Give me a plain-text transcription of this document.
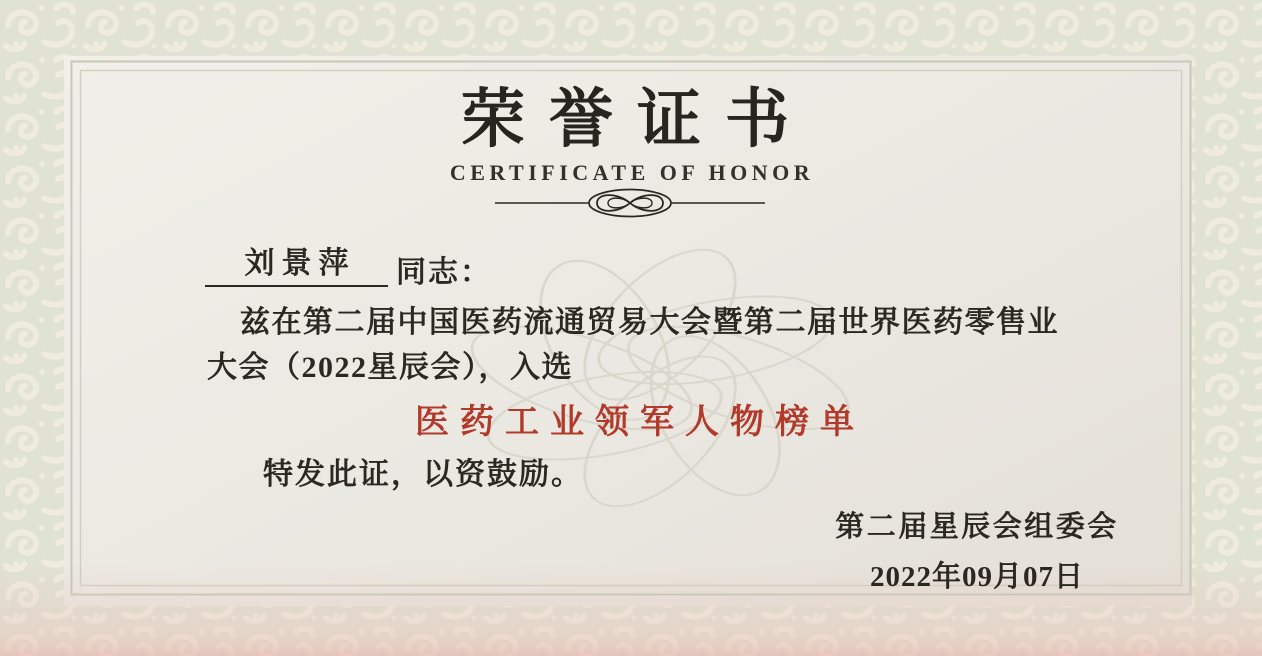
荣誉证书
CERTIFICATE OF HONOR
刘景萍	同志：
兹在第二届中国医药流通贸易大会暨第二届世界医药零售业
大会（2022星辰会），入选
医药工业领军人物榜单
特发此证，以资鼓励。
第二届星辰会组委会
2022年09月07日
